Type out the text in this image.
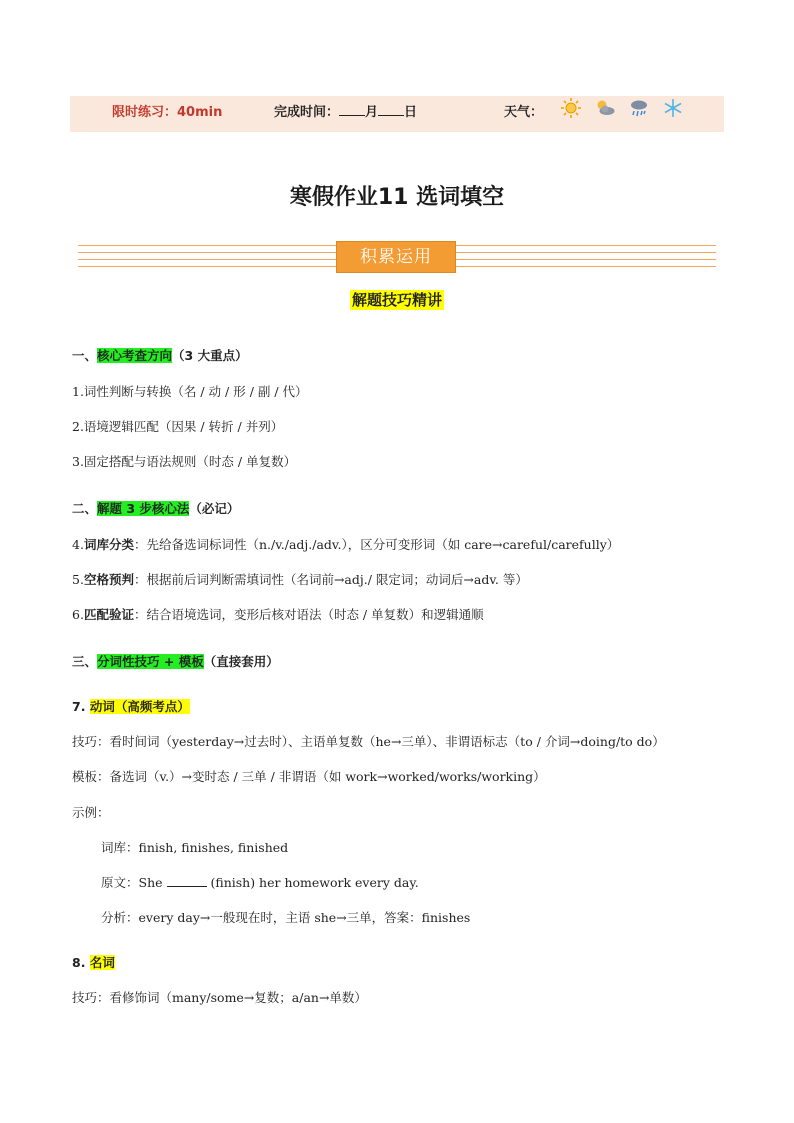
限时练习：40min	完成时间： 月 日	天气：
寒假作业11 选词填空
积累运用
解题技巧精讲
一、核心考查方向（3 大重点）
1.词性判断与转换（名 / 动 / 形 / 副 / 代）
2.语境逻辑匹配（因果 / 转折 / 并列）
3.固定搭配与语法规则（时态 / 单复数）
二、解题 3 步核心法（必记）
4.词库分类：先给备选词标词性（n./v./adj./adv.），区分可变形词（如 care→careful/carefully）
5.空格预判：根据前后词判断需填词性（名词前→adj./ 限定词；动词后→adv. 等）
6.匹配验证：结合语境选词，变形后核对语法（时态 / 单复数）和逻辑通顺
三、分词性技巧 + 模板（直接套用）
7. 动词（高频考点）
技巧：看时间词（yesterday→过去时）、主语单复数（he→三单）、非谓语标志（to / 介词→doing/to do）
模板：备选词（v.）→变时态 / 三单 / 非谓语（如 work→worked/works/working）
示例：
词库：finish, finishes, finished
原文：She	(finish) her homework every day.
分析：every day→一般现在时，主语 she→三单，答案：finishes
8. 名词
技巧：看修饰词（many/some→复数；a/an→单数）
